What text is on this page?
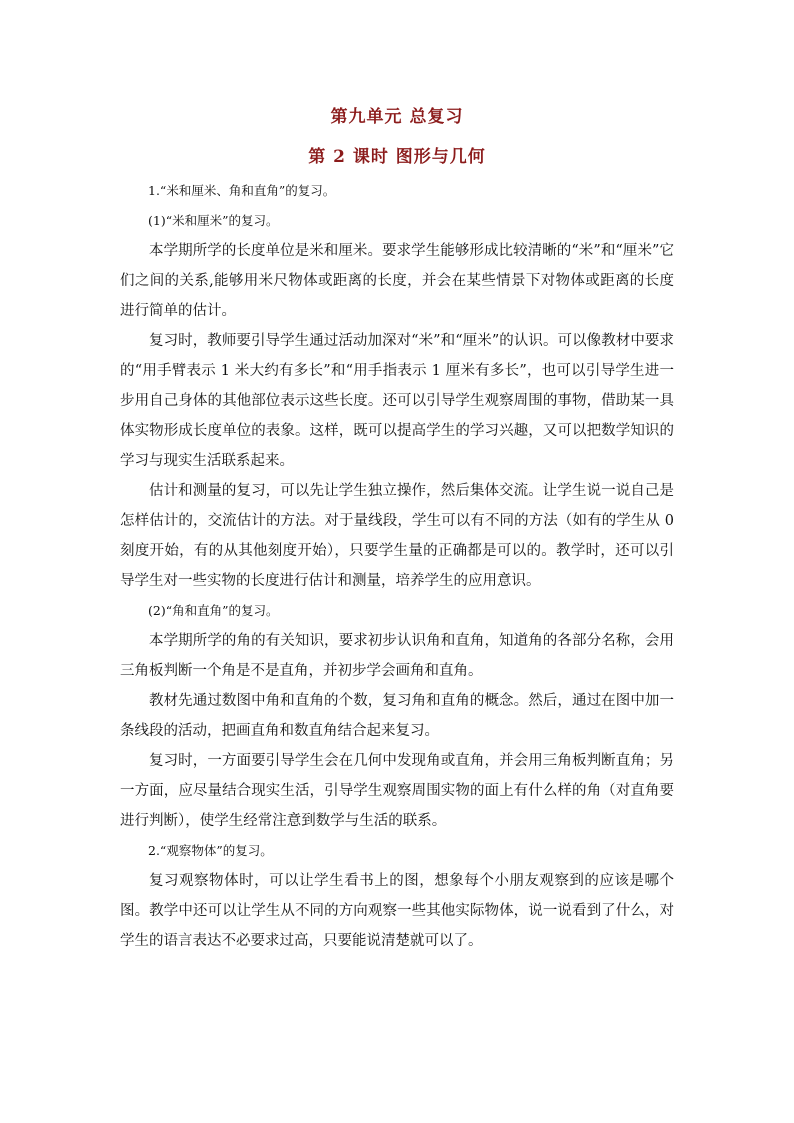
第九单元 总复习
第 2 课时 图形与几何

1.“米和厘米、角和直角”的复习。

(1)“米和厘米”的复习。

本学期所学的长度单位是米和厘米。要求学生能够形成比较清晰的“米”和“厘米”它们之间的关系,能够用米尺物体或距离的长度，并会在某些情景下对物体或距离的长度进行简单的估计。

复习时，教师要引导学生通过活动加深对“米”和“厘米”的认识。可以像教材中要求的“用手臂表示 1 米大约有多长”和“用手指表示 1 厘米有多长”，也可以引导学生进一步用自己身体的其他部位表示这些长度。还可以引导学生观察周围的事物，借助某一具体实物形成长度单位的表象。这样，既可以提高学生的学习兴趣，又可以把数学知识的学习与现实生活联系起来。

估计和测量的复习，可以先让学生独立操作，然后集体交流。让学生说一说自己是怎样估计的，交流估计的方法。对于量线段，学生可以有不同的方法（如有的学生从 0 刻度开始，有的从其他刻度开始），只要学生量的正确都是可以的。教学时，还可以引导学生对一些实物的长度进行估计和测量，培养学生的应用意识。

(2)“角和直角”的复习。

本学期所学的角的有关知识，要求初步认识角和直角，知道角的各部分名称，会用三角板判断一个角是不是直角，并初步学会画角和直角。

教材先通过数图中角和直角的个数，复习角和直角的概念。然后，通过在图中加一条线段的活动，把画直角和数直角结合起来复习。

复习时，一方面要引导学生会在几何中发现角或直角，并会用三角板判断直角；另一方面，应尽量结合现实生活，引导学生观察周围实物的面上有什么样的角（对直角要进行判断），使学生经常注意到数学与生活的联系。

2.“观察物体”的复习。

复习观察物体时，可以让学生看书上的图，想象每个小朋友观察到的应该是哪个图。教学中还可以让学生从不同的方向观察一些其他实际物体，说一说看到了什么，对学生的语言表达不必要求过高，只要能说清楚就可以了。
